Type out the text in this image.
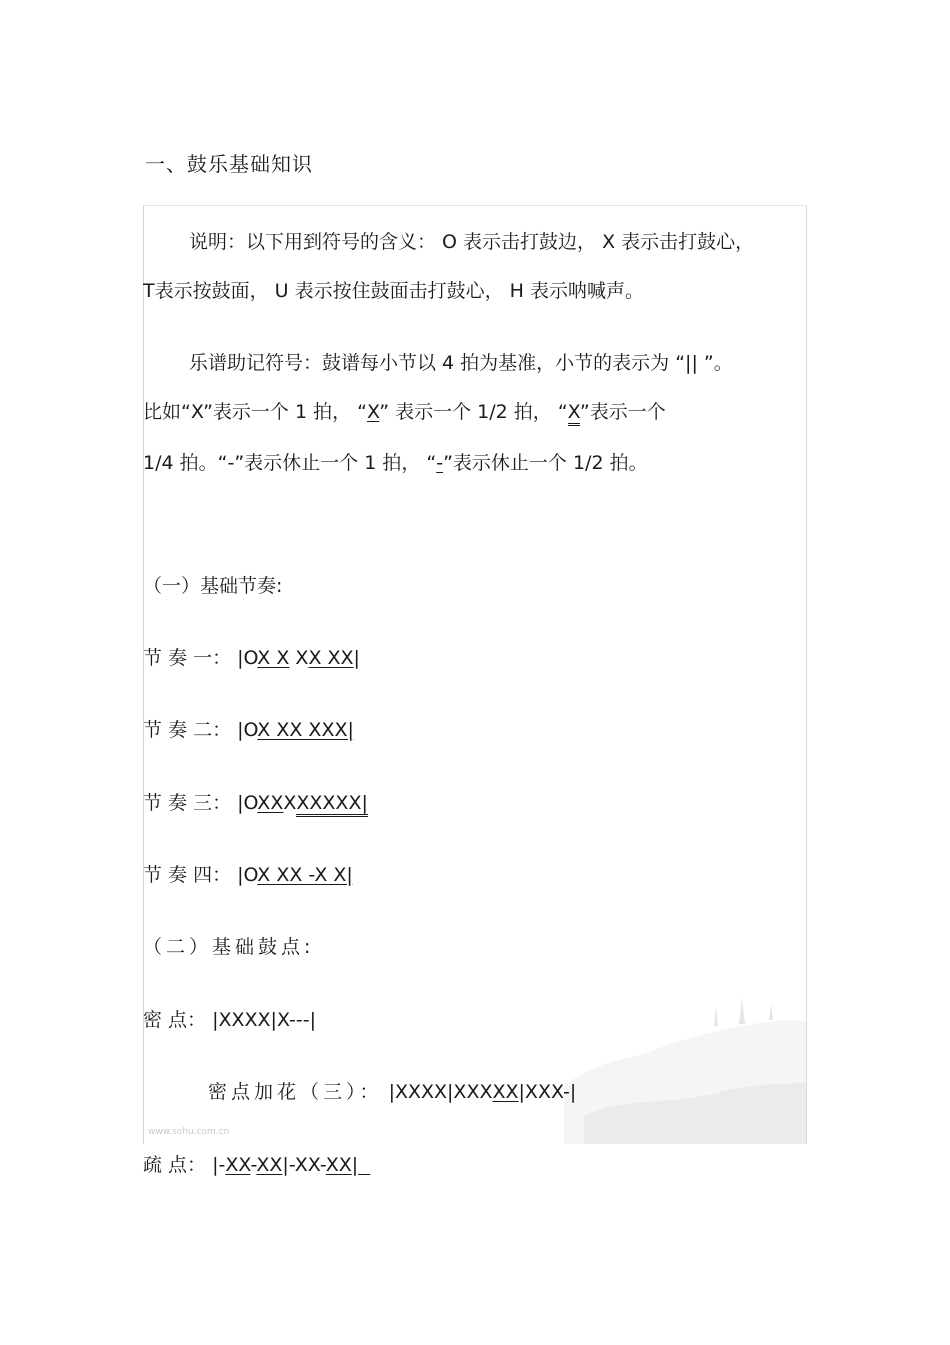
一、鼓乐基础知识
www.sohu.com.cn
说明：以下用到符号的含义： O 表示击打鼓边， X 表示击打鼓心，
T表示按鼓面， U 表示按住鼓面击打鼓心， H 表示呐喊声。
乐谱助记符号：鼓谱每小节以 4 拍为基准，小节的表示为 “|| ”。
比如“X”表示一个 1 拍， “X” 表示一个 1/2 拍， “X”表示一个
1/4 拍。“-”表示休止一个 1 拍， “-”表示休止一个 1/2 拍。
（一）基础节奏:
节 奏 一： |OX X XX XX|
节 奏 二： |OX XX XXX|
节 奏 三： |OXXXXXXXX|
节 奏 四： |OX XX -X X|
（二）基础鼓点:
密 点： |XXXX|X---|
密点加花（三）： |XXXX|XXXXX|XXX-|
疏 点： |-XX-XX|-XX-XX|
